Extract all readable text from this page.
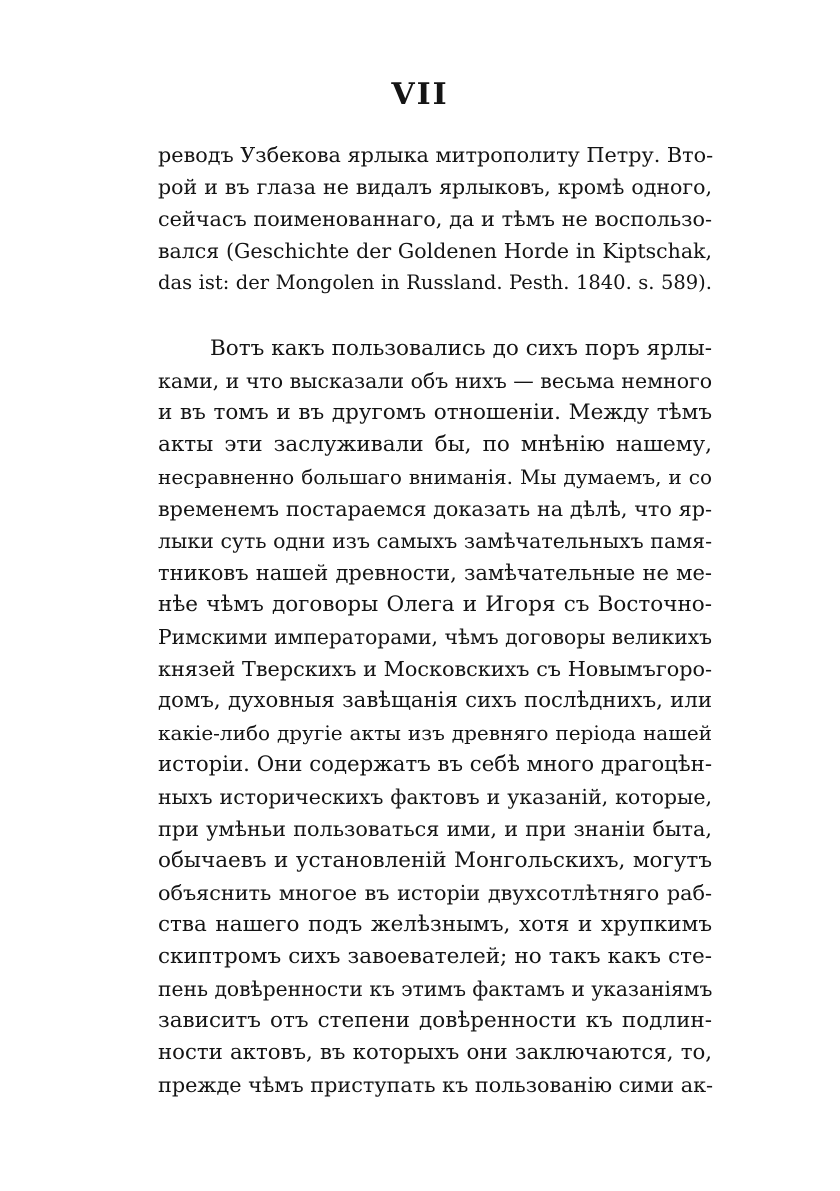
VII
реводъ Узбекова ярлыка митрополиту Петру. Вто-
рой и въ глаза не видалъ ярлыковъ, кромѣ одного,
сейчасъ поименованнаго, да и тѣмъ не воспользо-
вался (Geschichte der Goldenen Horde in Kiptschak,
das ist: der Mongolen in Russland. Pesth. 1840. s. 589).
Вотъ какъ пользовались до сихъ поръ ярлы-
ками, и что высказали объ нихъ — весьма немного
и въ томъ и въ другомъ отношеніи. Между тѣмъ
акты эти заслуживали бы, по мнѣнію нашему,
несравненно большаго вниманія. Мы думаемъ, и со
временемъ постараемся доказать на дѣлѣ, что яр-
лыки суть одни изъ самыхъ замѣчательныхъ памя-
тниковъ нашей древности, замѣчательные не ме-
нѣе чѣмъ договоры Олега и Игоря съ Восточно-
Римскими императорами, чѣмъ договоры великихъ
князей Тверскихъ и Московскихъ съ Новымъгоро-
домъ, духовныя завѣщанія сихъ послѣднихъ, или
какіе-либо другіе акты изъ древняго періода нашей
исторіи. Они содержатъ въ себѣ много драгоцѣн-
ныхъ историческихъ фактовъ и указаній, которые,
при умѣньи пользоваться ими, и при знаніи быта,
обычаевъ и установленій Монгольскихъ, могутъ
объяснить многое въ исторіи двухсотлѣтняго раб-
ства нашего подъ желѣзнымъ, хотя и хрупкимъ
скиптромъ сихъ завоевателей; но такъ какъ сте-
пень довѣренности къ этимъ фактамъ и указаніямъ
зависитъ отъ степени довѣренности къ подлин-
ности актовъ, въ которыхъ они заключаются, то,
прежде чѣмъ приступать къ пользованію сими ак-
